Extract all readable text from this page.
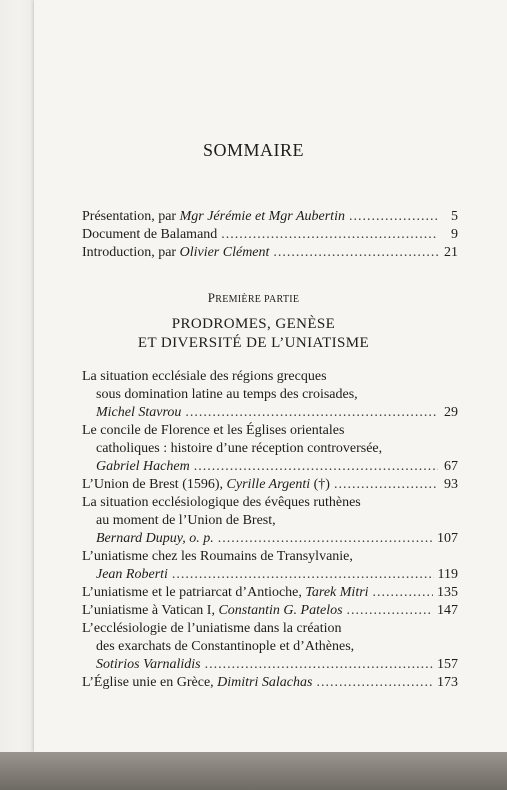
SOMMAIRE
Présentation, par Mgr Jérémie et Mgr Aubertin .....	5
Document de Balamand .....	9
Introduction, par Olivier Clément .....	21
PREMIÈRE PARTIE
PRODROMES, GENÈSE
ET DIVERSITÉ DE L’UNIATISME
La situation ecclésiale des régions grecques
sous domination latine au temps des croisades,
Michel Stavrou .....	29
Le concile de Florence et les Églises orientales
catholiques : histoire d’une réception controversée,
Gabriel Hachem .....	67
L’Union de Brest (1596), Cyrille Argenti (†) .....	93
La situation ecclésiologique des évêques ruthènes
au moment de l’Union de Brest,
Bernard Dupuy, o. p. .....	107
L’uniatisme chez les Roumains de Transylvanie,
Jean Roberti .....	119
L’uniatisme et le patriarcat d’Antioche, Tarek Mitri .....	135
L’uniatisme à Vatican I, Constantin G. Patelos .....	147
L’ecclésiologie de l’uniatisme dans la création
des exarchats de Constantinople et d’Athènes,
Sotirios Varnalidis .....	157
L’Église unie en Grèce, Dimitri Salachas .....	173
